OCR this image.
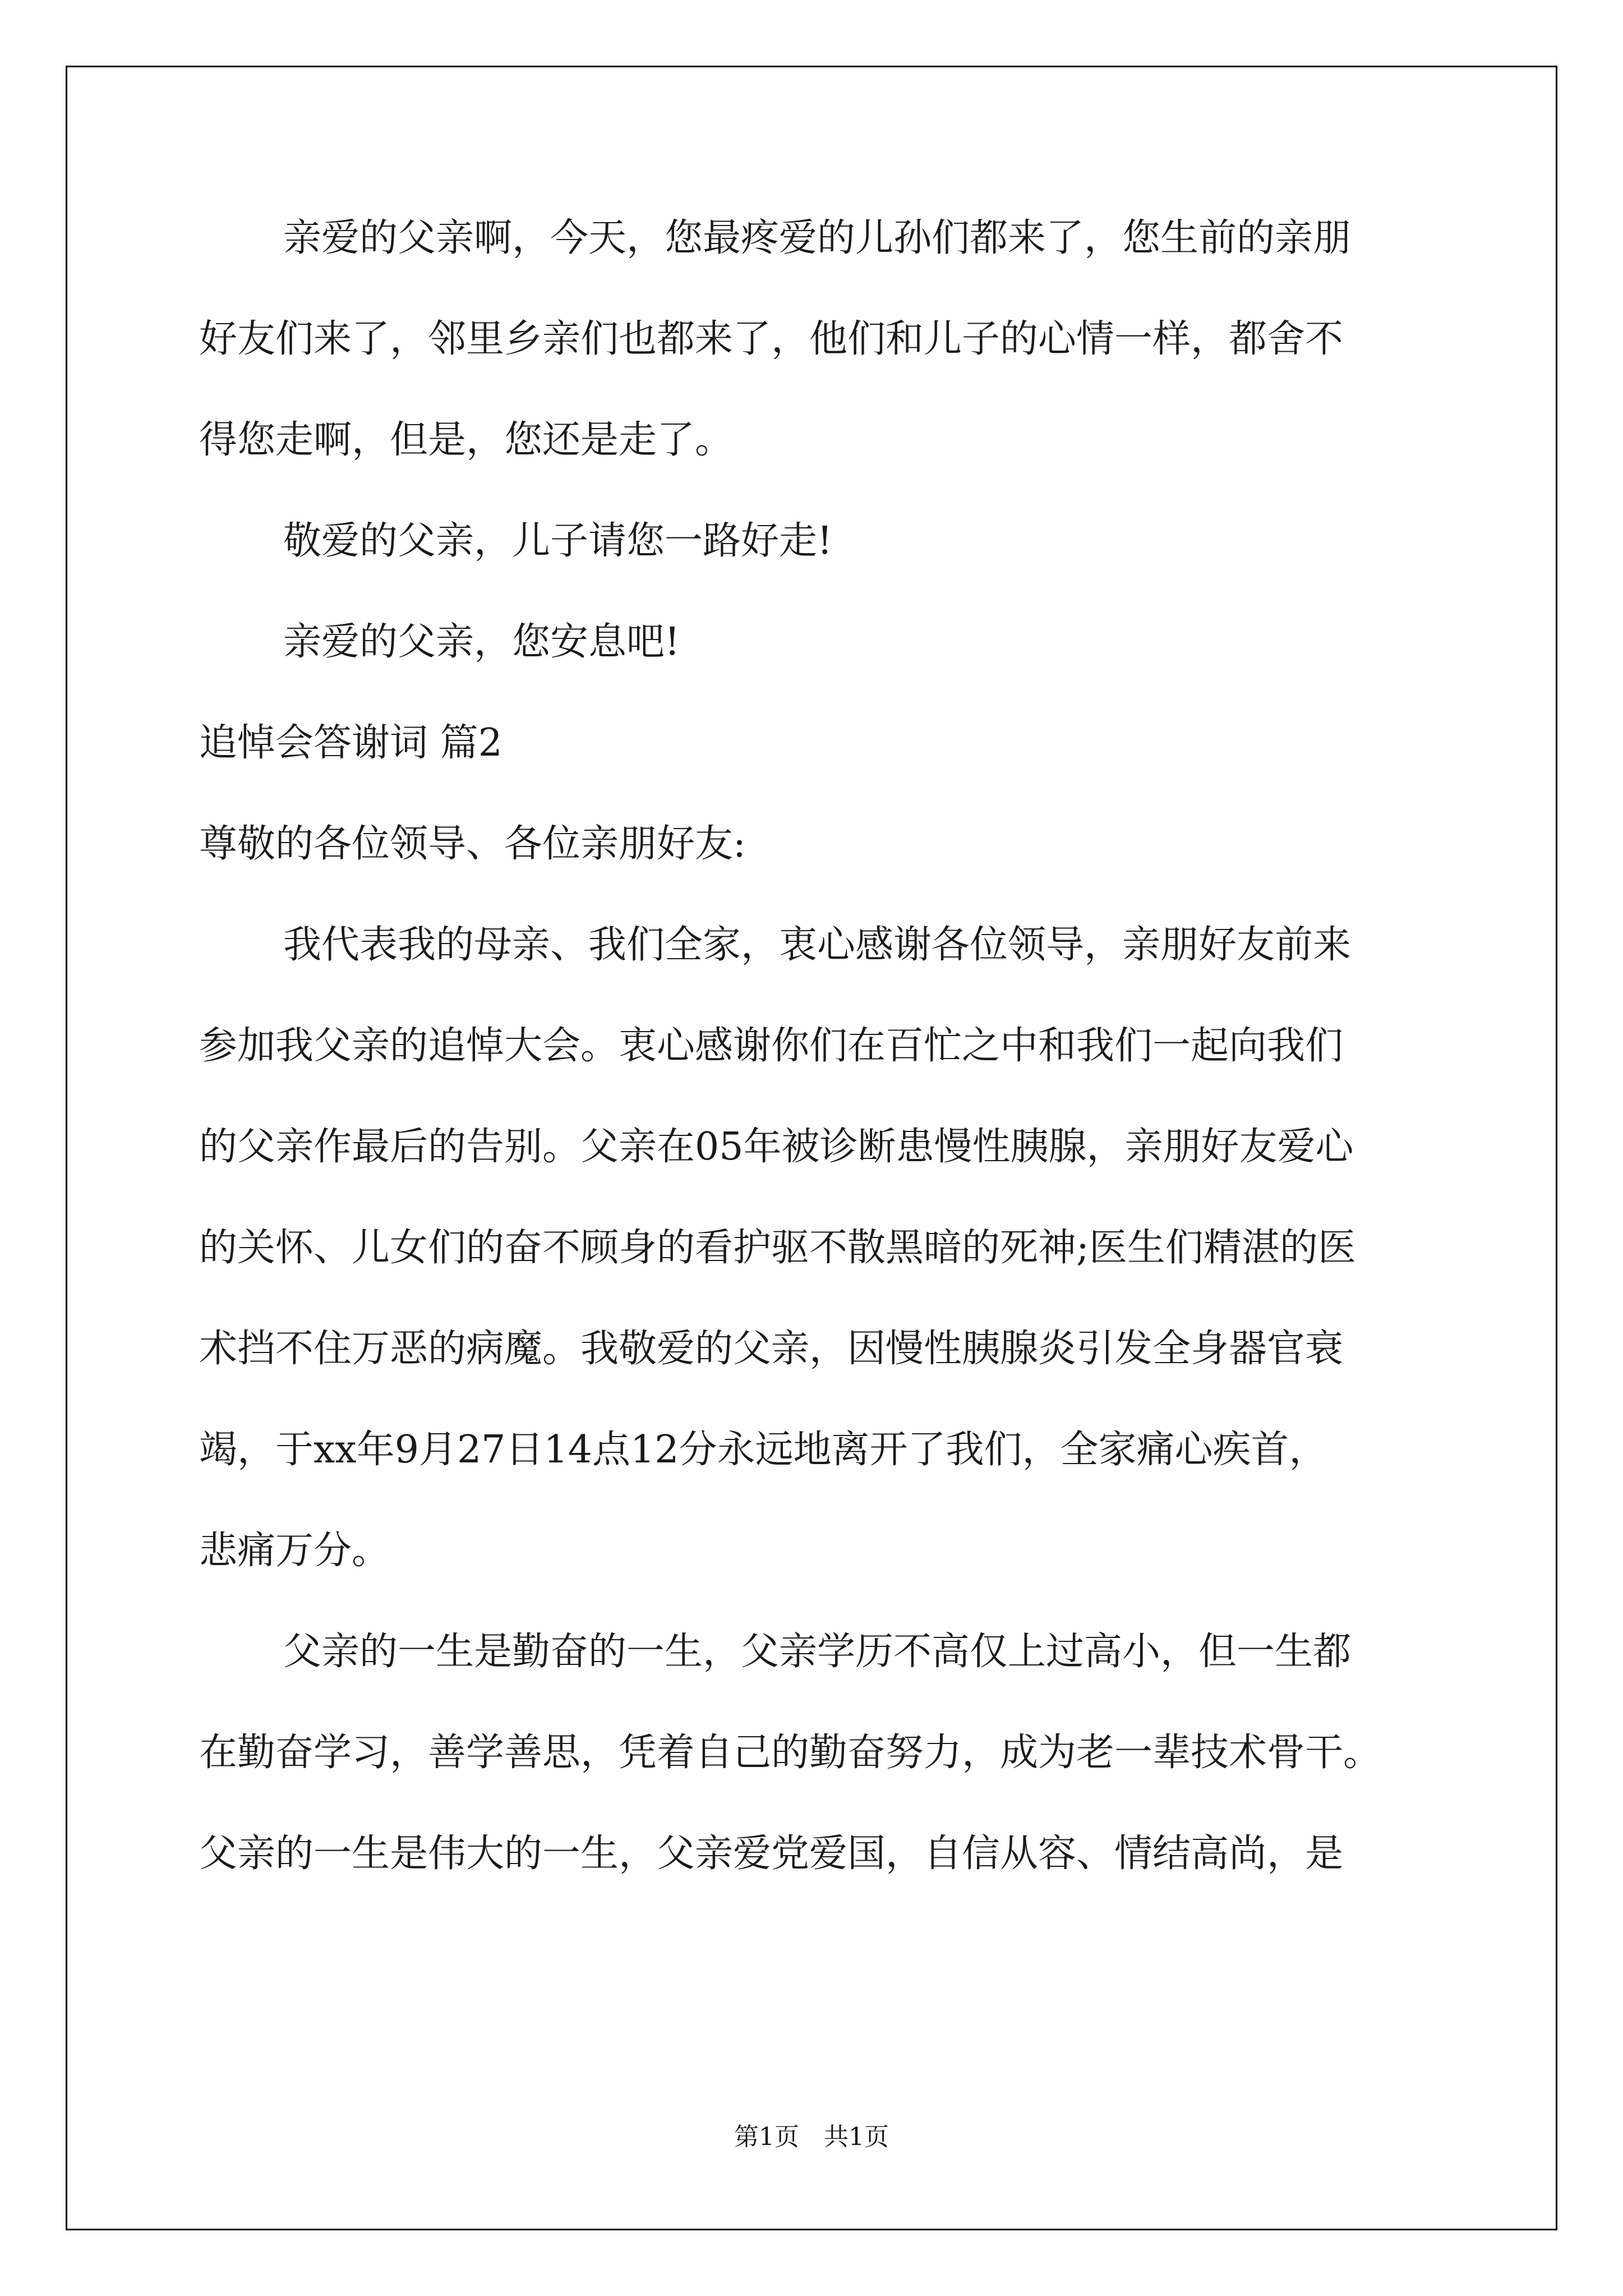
亲爱的父亲啊，今天，您最疼爱的儿孙们都来了，您生前的亲朋
好友们来了，邻里乡亲们也都来了，他们和儿子的心情一样，都舍不
得您走啊，但是，您还是走了。
敬爱的父亲，儿子请您一路好走!
亲爱的父亲，您安息吧!
追悼会答谢词 篇2
尊敬的各位领导、各位亲朋好友:
我代表我的母亲、我们全家，衷心感谢各位领导，亲朋好友前来
参加我父亲的追悼大会。衷心感谢你们在百忙之中和我们一起向我们
的父亲作最后的告别。父亲在05年被诊断患慢性胰腺，亲朋好友爱心
的关怀、儿女们的奋不顾身的看护驱不散黑暗的死神;医生们精湛的医
术挡不住万恶的病魔。我敬爱的父亲，因慢性胰腺炎引发全身器官衰
竭，于xx年9月27日14点12分永远地离开了我们，全家痛心疾首，
悲痛万分。
父亲的一生是勤奋的一生，父亲学历不高仅上过高小，但一生都
在勤奋学习，善学善思，凭着自己的勤奋努力，成为老一辈技术骨干。
父亲的一生是伟大的一生，父亲爱党爱国，自信从容、情结高尚，是
第1页　共1页
